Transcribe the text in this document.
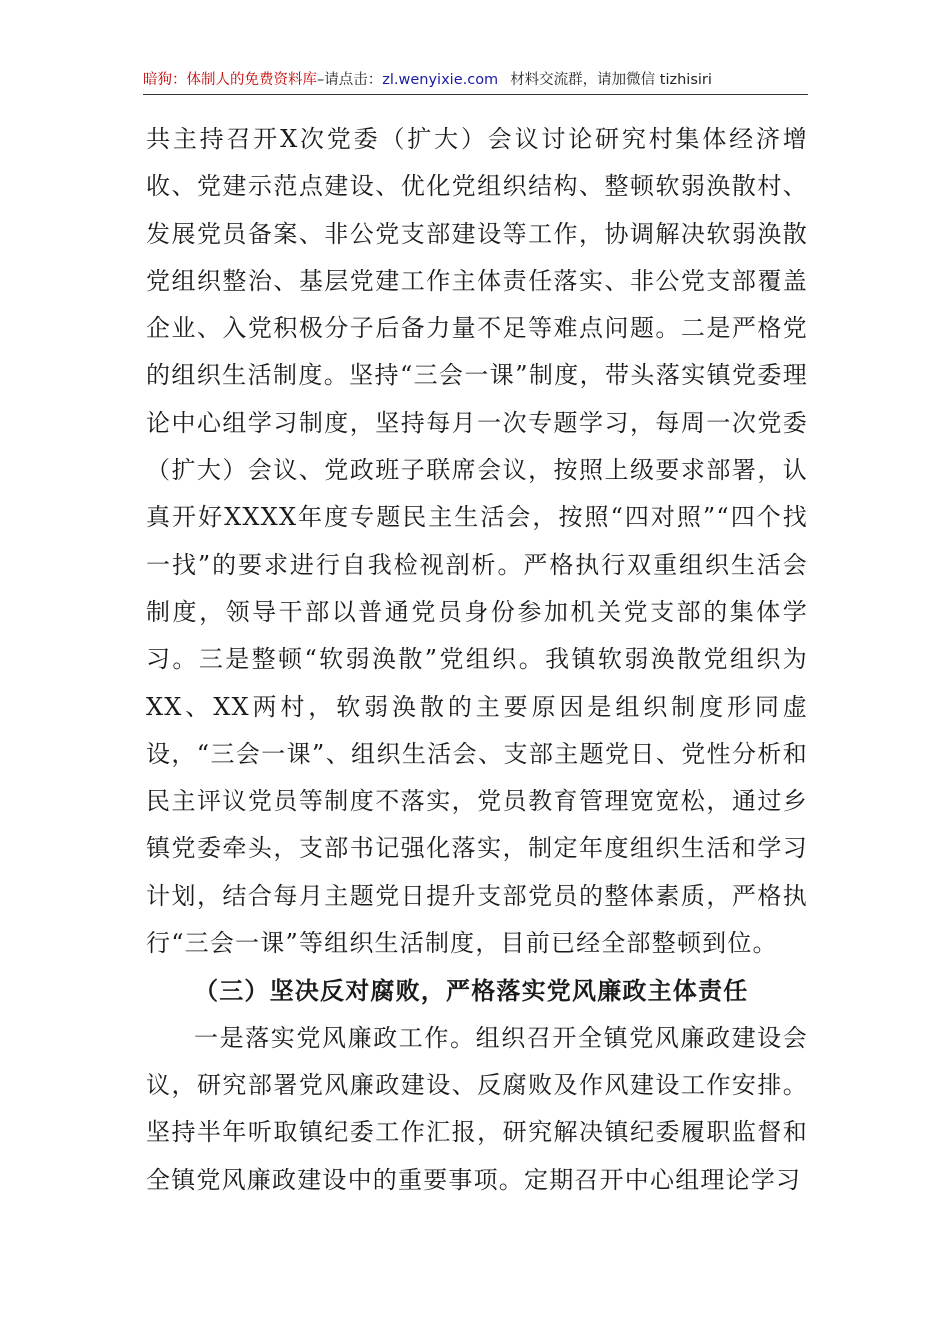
暗狗：体制人的免费资料库–请点击：zl.wenyixie.com 材料交流群，请加微信 tizhisiri

共主持召开X次党委（扩大）会议讨论研究村集体经济增收、党建示范点建设、优化党组织结构、整顿软弱涣散村、发展党员备案、非公党支部建设等工作，协调解决软弱涣散党组织整治、基层党建工作主体责任落实、非公党支部覆盖企业、入党积极分子后备力量不足等难点问题。二是严格党的组织生活制度。坚持“三会一课”制度，带头落实镇党委理论中心组学习制度，坚持每月一次专题学习，每周一次党委（扩大）会议、党政班子联席会议，按照上级要求部署，认真开好XXXX年度专题民主生活会，按照“四对照”“四个找一找”的要求进行自我检视剖析。严格执行双重组织生活会制度，领导干部以普通党员身份参加机关党支部的集体学习。三是整顿“软弱涣散”党组织。我镇软弱涣散党组织为XX、XX两村，软弱涣散的主要原因是组织制度形同虚设，“三会一课”、组织生活会、支部主题党日、党性分析和民主评议党员等制度不落实，党员教育管理宽宽松，通过乡镇党委牵头，支部书记强化落实，制定年度组织生活和学习计划，结合每月主题党日提升支部党员的整体素质，严格执行“三会一课”等组织生活制度，目前已经全部整顿到位。

（三）坚决反对腐败，严格落实党风廉政主体责任

一是落实党风廉政工作。组织召开全镇党风廉政建设会议，研究部署党风廉政建设、反腐败及作风建设工作安排。坚持半年听取镇纪委工作汇报，研究解决镇纪委履职监督和全镇党风廉政建设中的重要事项。定期召开中心组理论学习
